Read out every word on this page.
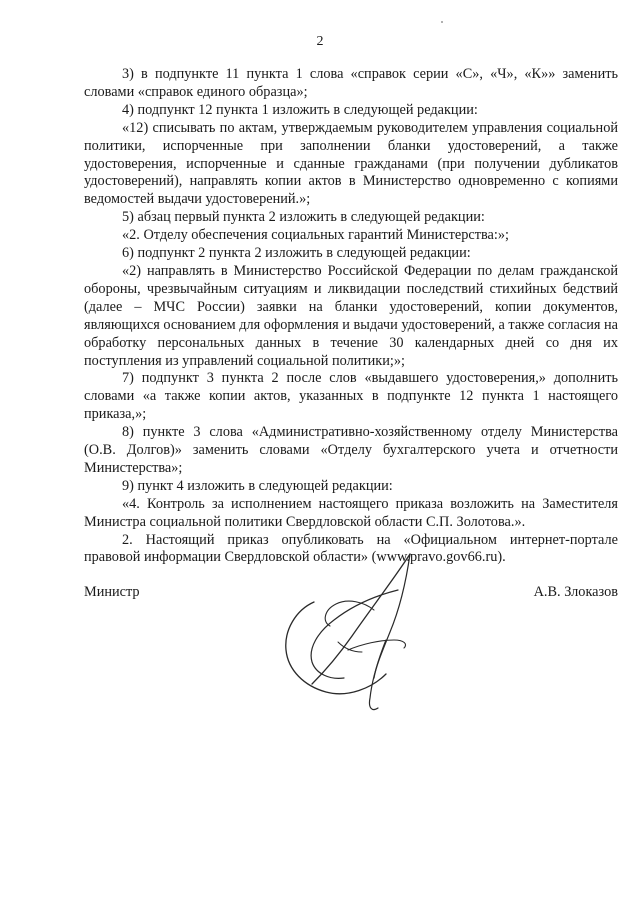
2

3) в подпункте 11 пункта 1 слова «справок серии «С», «Ч», «К»» заменить словами «справок единого образца»;

4) подпункт 12 пункта 1 изложить в следующей редакции:

«12) списывать по актам, утверждаемым руководителем управления социальной политики, испорченные при заполнении бланки удостоверений, а также удостоверения, испорченные и сданные гражданами (при получении дубликатов удостоверений), направлять копии актов в Министерство одновременно с копиями ведомостей выдачи удостоверений.»;

5) абзац первый пункта 2 изложить в следующей редакции:

«2. Отделу обеспечения социальных гарантий Министерства:»;

6) подпункт 2 пункта 2 изложить в следующей редакции:

«2) направлять в Министерство Российской Федерации по делам гражданской обороны, чрезвычайным ситуациям и ликвидации последствий стихийных бедствий (далее – МЧС России) заявки на бланки удостоверений, копии документов, являющихся основанием для оформления и выдачи удостоверений, а также согласия на обработку персональных данных в течение 30 календарных дней со дня их поступления из управлений социальной политики;»;

7) подпункт 3 пункта 2 после слов «выдавшего удостоверения,» дополнить словами «а также копии актов, указанных в подпункте 12 пункта 1 настоящего приказа,»;

8) пункте 3 слова «Административно-хозяйственному отделу Министерства (О.В. Долгов)» заменить словами «Отделу бухгалтерского учета и отчетности Министерства»;

9) пункт 4 изложить в следующей редакции:

«4. Контроль за исполнением настоящего приказа возложить на Заместителя Министра социальной политики Свердловской области С.П. Золотова.».

2. Настоящий приказ опубликовать на «Официальном интернет-портале правовой информации Свердловской области» (www.pravo.gov66.ru).

Министр	А.В. Злоказов
